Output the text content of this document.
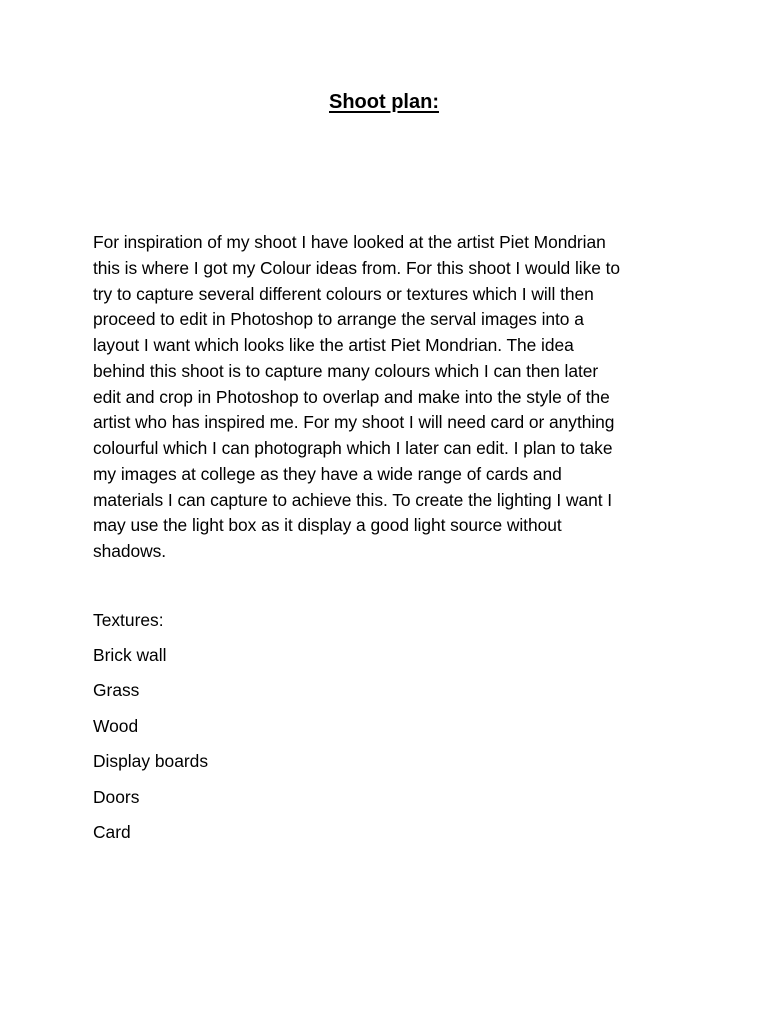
Shoot plan:

For inspiration of my shoot I have looked at the artist Piet Mondrian
this is where I got my Colour ideas from. For this shoot I would like to
try to capture several different colours or textures which I will then
proceed to edit in Photoshop to arrange the serval images into a
layout I want which looks like the artist Piet Mondrian. The idea
behind this shoot is to capture many colours which I can then later
edit and crop in Photoshop to overlap and make into the style of the
artist who has inspired me. For my shoot I will need card or anything
colourful which I can photograph which I later can edit. I plan to take
my images at college as they have a wide range of cards and
materials I can capture to achieve this. To create the lighting I want I
may use the light box as it display a good light source without
shadows.

Textures:

Brick wall
Grass
Wood
Display boards
Doors
Card
